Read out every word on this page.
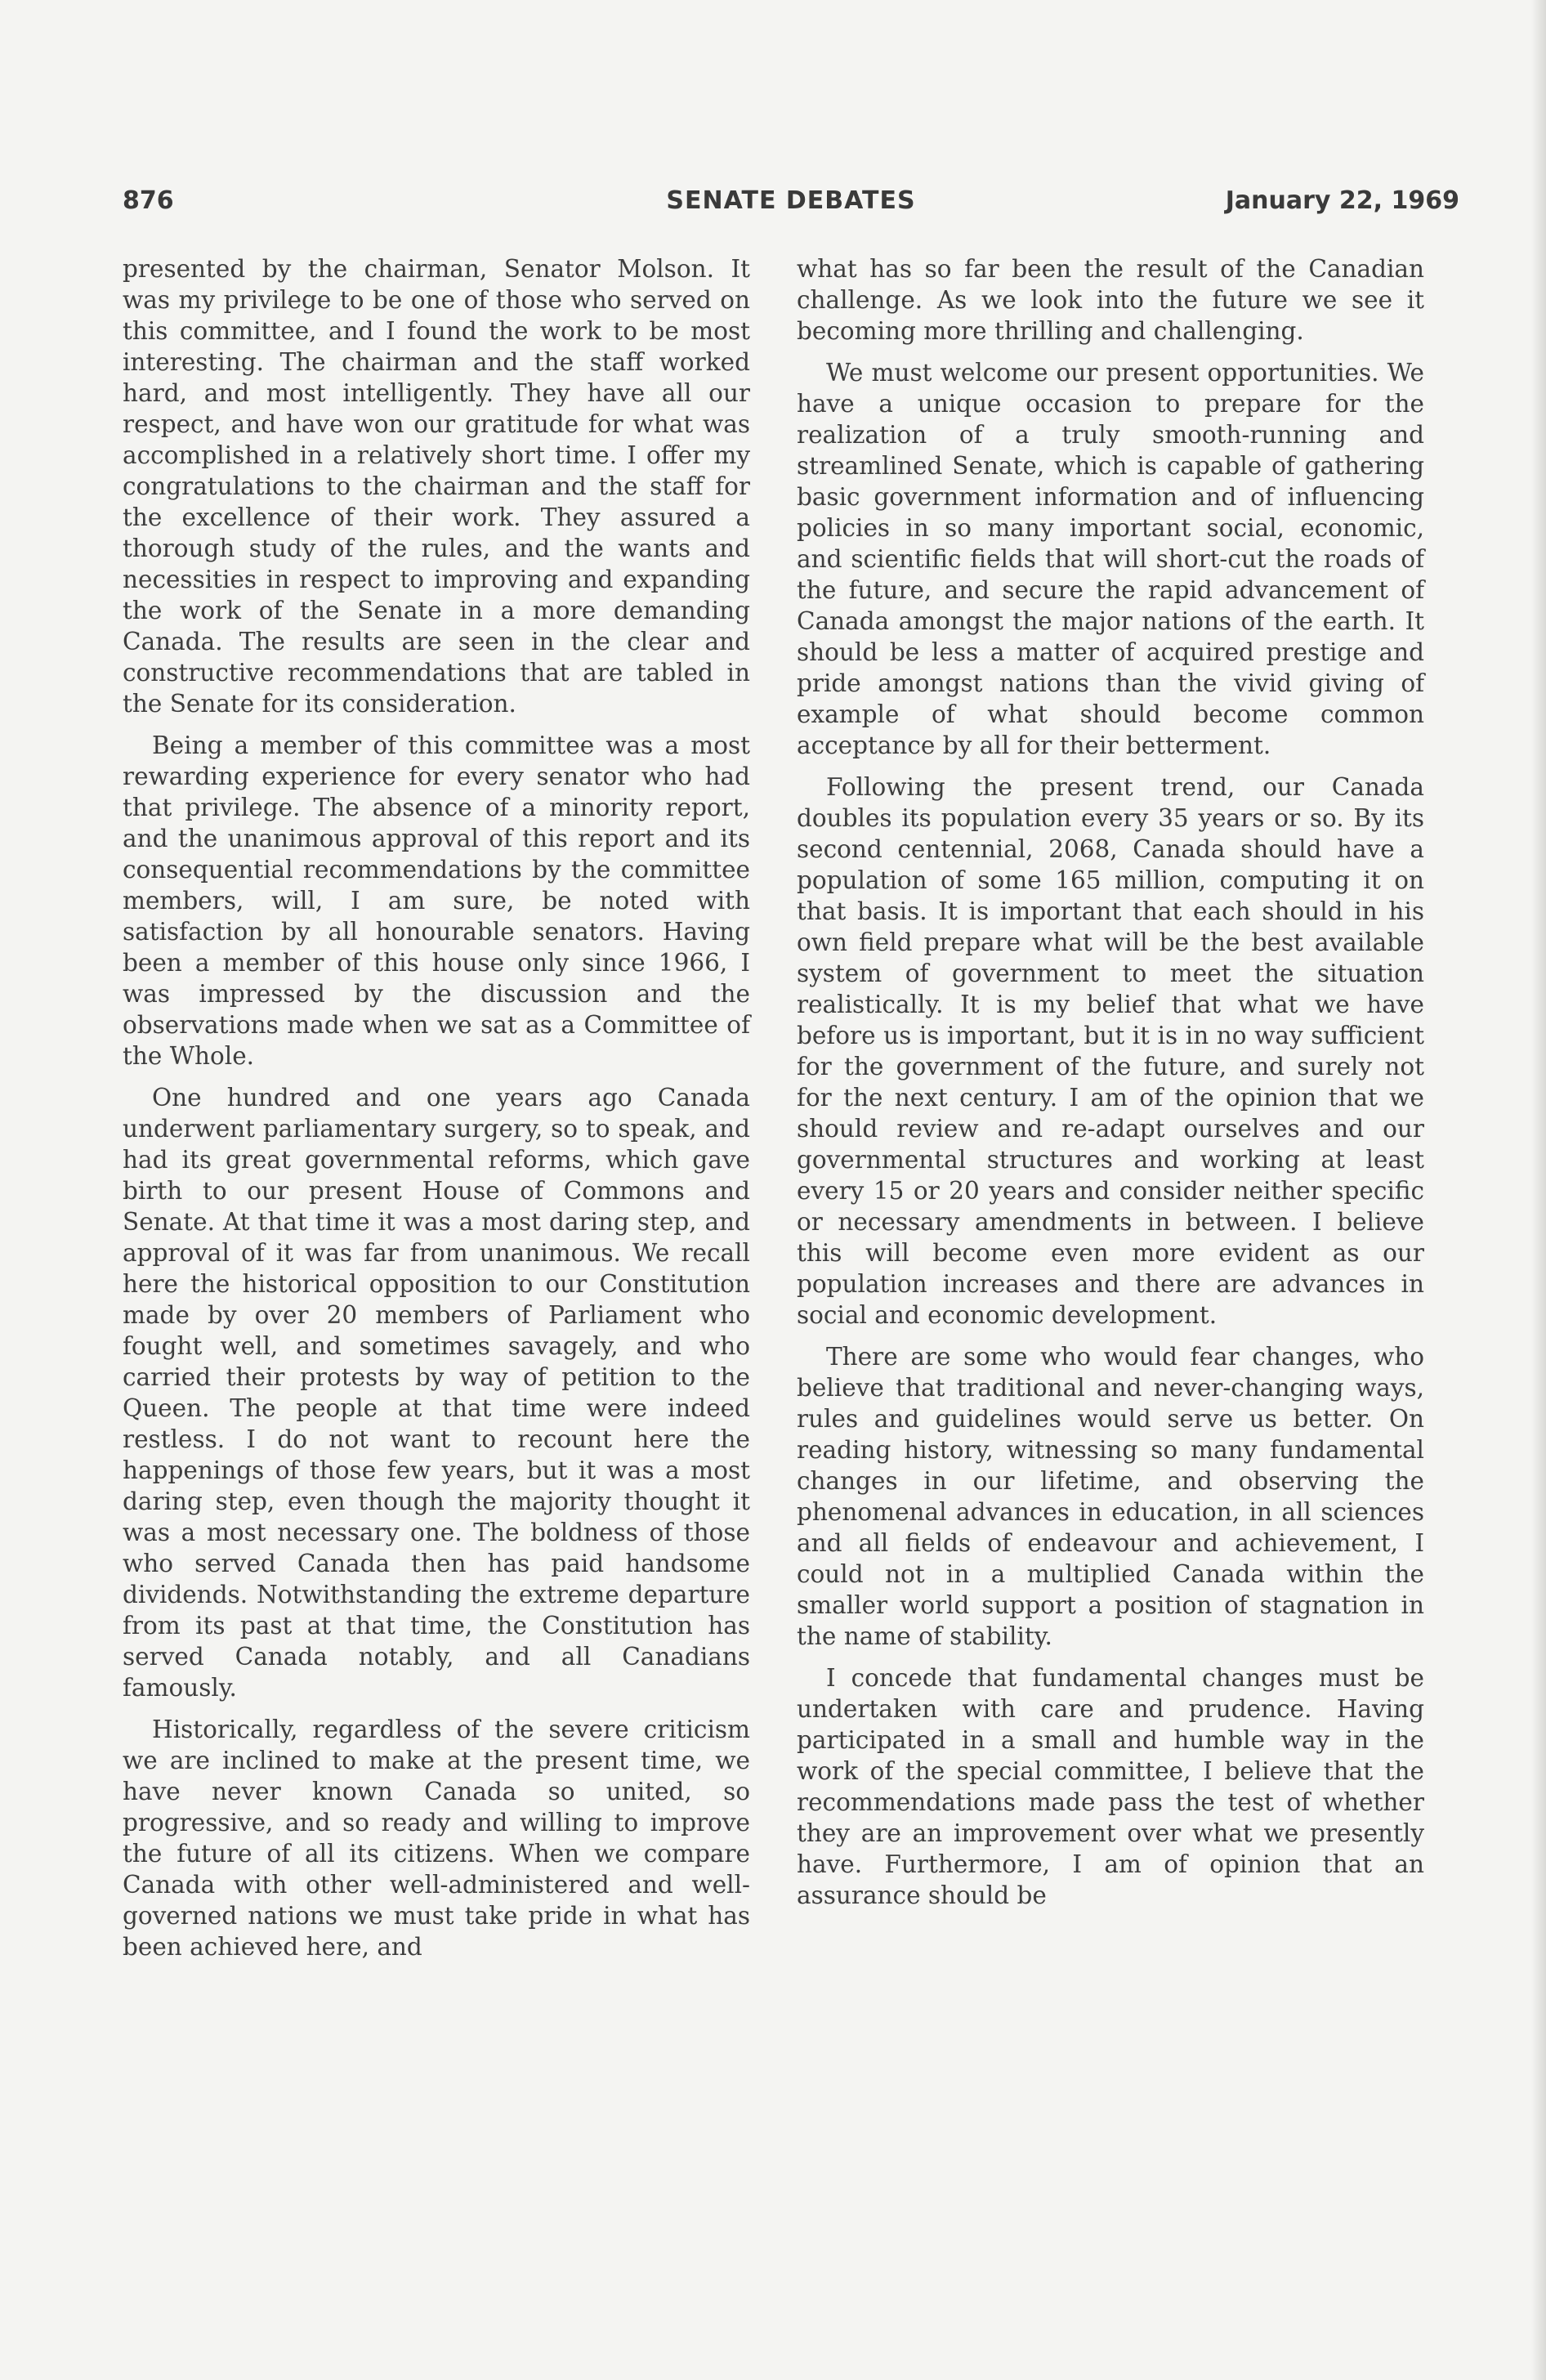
876	SENATE DEBATES	January 22, 1969

presented by the chairman, Senator Molson. It was my privilege to be one of those who served on this committee, and I found the work to be most interesting. The chairman and the staff worked hard, and most intelligently. They have all our respect, and have won our gratitude for what was accomplished in a relatively short time. I offer my congratulations to the chairman and the staff for the excellence of their work. They assured a thorough study of the rules, and the wants and necessities in respect to improving and expanding the work of the Senate in a more demanding Canada. The results are seen in the clear and constructive recommendations that are tabled in the Senate for its consideration.

Being a member of this committee was a most rewarding experience for every senator who had that privilege. The absence of a minority report, and the unanimous approval of this report and its consequential recommendations by the committee members, will, I am sure, be noted with satisfaction by all honourable senators. Having been a member of this house only since 1966, I was impressed by the discussion and the observations made when we sat as a Committee of the Whole.

One hundred and one years ago Canada underwent parliamentary surgery, so to speak, and had its great governmental reforms, which gave birth to our present House of Commons and Senate. At that time it was a most daring step, and approval of it was far from unanimous. We recall here the historical opposition to our Constitution made by over 20 members of Parliament who fought well, and sometimes savagely, and who carried their protests by way of petition to the Queen. The people at that time were indeed restless. I do not want to recount here the happenings of those few years, but it was a most daring step, even though the majority thought it was a most necessary one. The boldness of those who served Canada then has paid handsome dividends. Notwithstanding the extreme departure from its past at that time, the Constitution has served Canada notably, and all Canadians famously.

Historically, regardless of the severe criticism we are inclined to make at the present time, we have never known Canada so united, so progressive, and so ready and willing to improve the future of all its citizens. When we compare Canada with other well-administered and well-governed nations we must take pride in what has been achieved here, and

what has so far been the result of the Canadian challenge. As we look into the future we see it becoming more thrilling and challenging.

We must welcome our present opportunities. We have a unique occasion to prepare for the realization of a truly smooth-running and streamlined Senate, which is capable of gathering basic government information and of influencing policies in so many important social, economic, and scientific fields that will short-cut the roads of the future, and secure the rapid advancement of Canada amongst the major nations of the earth. It should be less a matter of acquired prestige and pride amongst nations than the vivid giving of example of what should become common acceptance by all for their betterment.

Following the present trend, our Canada doubles its population every 35 years or so. By its second centennial, 2068, Canada should have a population of some 165 million, computing it on that basis. It is important that each should in his own field prepare what will be the best available system of government to meet the situation realistically. It is my belief that what we have before us is important, but it is in no way sufficient for the government of the future, and surely not for the next century. I am of the opinion that we should review and re-adapt ourselves and our governmental structures and working at least every 15 or 20 years and consider neither specific or necessary amendments in between. I believe this will become even more evident as our population increases and there are advances in social and economic development.

There are some who would fear changes, who believe that traditional and never-changing ways, rules and guidelines would serve us better. On reading history, witnessing so many fundamental changes in our lifetime, and observing the phenomenal advances in education, in all sciences and all fields of endeavour and achievement, I could not in a multiplied Canada within the smaller world support a position of stagnation in the name of stability.

I concede that fundamental changes must be undertaken with care and prudence. Having participated in a small and humble way in the work of the special committee, I believe that the recommendations made pass the test of whether they are an improvement over what we presently have. Furthermore, I am of opinion that an assurance should be
